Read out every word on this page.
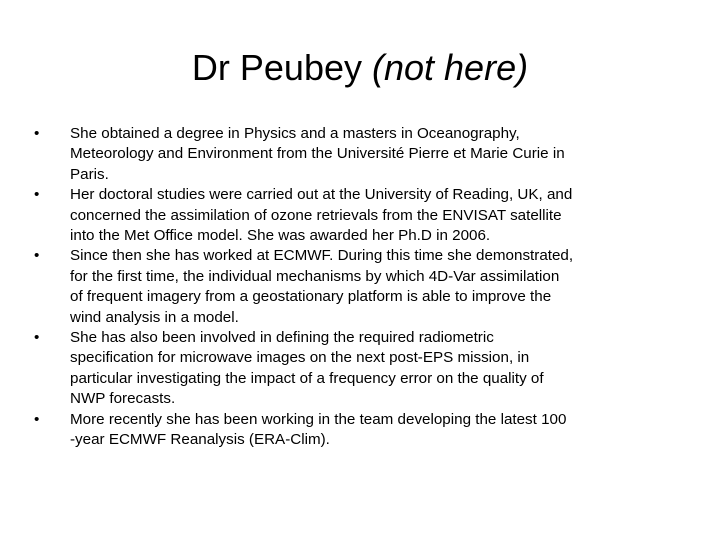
Dr Peubey (not here)
• She obtained a degree in Physics and a masters in Oceanography,
Meteorology and Environment from the Université Pierre et Marie Curie in
Paris.
• Her doctoral studies were carried out at the University of Reading, UK, and
concerned the assimilation of ozone retrievals from the ENVISAT satellite
into the Met Office model. She was awarded her Ph.D in 2006.
• Since then she has worked at ECMWF. During this time she demonstrated,
for the first time, the individual mechanisms by which 4D-Var assimilation
of frequent imagery from a geostationary platform is able to improve the
wind analysis in a model.
• She has also been involved in defining the required radiometric
specification for microwave images on the next post-EPS mission, in
particular investigating the impact of a frequency error on the quality of
NWP forecasts.
• More recently she has been working in the team developing the latest 100
-year ECMWF Reanalysis (ERA-Clim).
